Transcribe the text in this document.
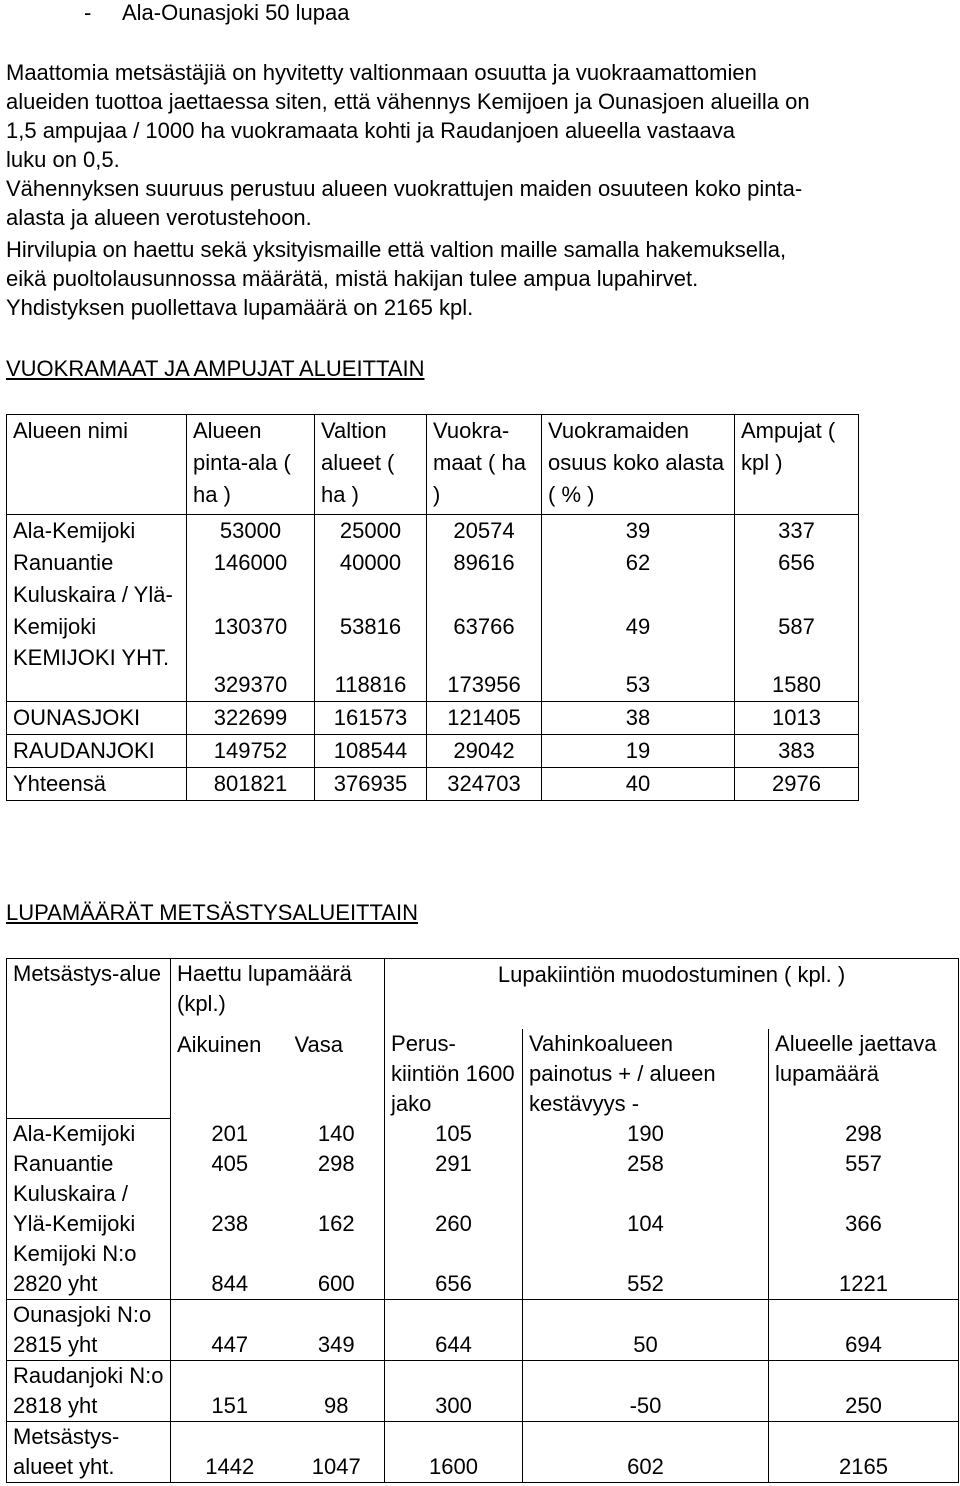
- Ala-Ounasjoki 50 lupaa
Maattomia metsästäjiä on hyvitetty valtionmaan osuutta ja vuokraamattomien
alueiden tuottoa jaettaessa siten, että vähennys Kemijoen ja Ounasjoen alueilla on
1,5 ampujaa / 1000 ha vuokramaata kohti ja Raudanjoen alueella vastaava
luku on 0,5.
Vähennyksen suuruus perustuu alueen vuokrattujen maiden osuuteen koko pinta-
alasta ja alueen verotustehoon.
Hirvilupia on haettu sekä yksityismaille että valtion maille samalla hakemuksella,
eikä puoltolausunnossa määrätä, mistä hakijan tulee ampua lupahirvet.
Yhdistyksen puollettava lupamäärä on 2165 kpl.
VUOKRAMAAT JA AMPUJAT ALUEITTAIN
Alueen nimi	Alueen pinta-ala ( ha )	Valtion alueet ( ha )	Vuokra-maat ( ha )	Vuokramaiden osuus koko alasta ( % )	Ampujat ( kpl )
Ala-Kemijoki	53000	25000	20574	39	337
Ranuantie	146000	40000	89616	62	656
Kuluskaira / Ylä-Kemijoki	130370	53816	63766	49	587
KEMIJOKI YHT.	329370	118816	173956	53	1580
OUNASJOKI	322699	161573	121405	38	1013
RAUDANJOKI	149752	108544	29042	19	383
Yhteensä	801821	376935	324703	40	2976
LUPAMÄÄRÄT METSÄSTYSALUEITTAIN
Metsästys-alue	Haettu lupamäärä (kpl.)		Lupakiintiön muodostuminen ( kpl. )		
	Aikuinen	Vasa	Perus-kiintiön 1600 jako	Vahinkoalueen painotus + / alueen kestävyys -	Alueelle jaettava lupamäärä
Ala-Kemijoki	201	140	105	190	298
Ranuantie	405	298	291	258	557
Kuluskaira / Ylä-Kemijoki	238	162	260	104	366
Kemijoki N:o 2820 yht	844	600	656	552	1221
Ounasjoki N:o 2815 yht	447	349	644	50	694
Raudanjoki N:o 2818 yht	151	98	300	-50	250
Metsästys-alueet yht.	1442	1047	1600	602	2165
